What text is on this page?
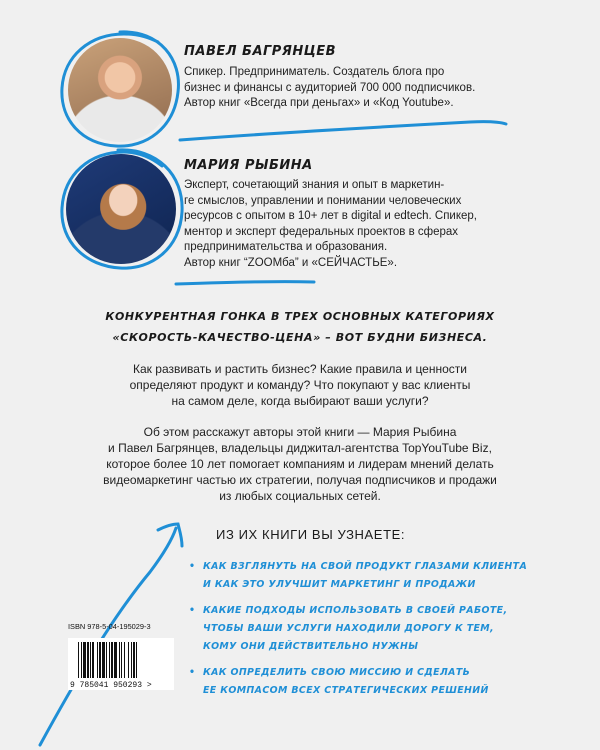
ПАВЕЛ БАГРЯНЦЕВ
Спикер. Предприниматель. Создатель блога про
бизнес и финансы с аудиторией 700 000 подписчиков.
Автор книг «Всегда при деньгах» и «Код Youtube».
МАРИЯ РЫБИНА
Эксперт, сочетающий знания и опыт в маркетин-
ге смыслов, управлении и понимании человеческих
ресурсов с опытом в 10+ лет в digital и edtech. Спикер,
ментор и эксперт федеральных проектов в сферах
предпринимательства и образования.
Автор книг “ZOOMба” и «СЕЙЧАСТЬЕ».
КОНКУРЕНТНАЯ ГОНКА В ТРЕХ ОСНОВНЫХ КАТЕГОРИЯХ
«СКОРОСТЬ-КАЧЕСТВО-ЦЕНА» – ВОТ БУДНИ БИЗНЕСА.
Как развивать и растить бизнес? Какие правила и ценности
определяют продукт и команду? Что покупают у вас клиенты
на самом деле, когда выбирают ваши услуги?
Об этом расскажут авторы этой книги — Мария Рыбина
и Павел Багрянцев, владельцы диджитал-агентства TopYouTube Biz,
которое более 10 лет помогает компаниям и лидерам мнений делать
видеомаркетинг частью их стратегии, получая подписчиков и продажи
из любых социальных сетей.
ИЗ ИХ КНИГИ ВЫ УЗНАЕТЕ:
• КАК ВЗГЛЯНУТЬ НА СВОЙ ПРОДУКТ ГЛАЗАМИ КЛИЕНТА
И КАК ЭТО УЛУЧШИТ МАРКЕТИНГ И ПРОДАЖИ
• КАКИЕ ПОДХОДЫ ИСПОЛЬЗОВАТЬ В СВОЕЙ РАБОТЕ,
ЧТОБЫ ВАШИ УСЛУГИ НАХОДИЛИ ДОРОГУ К ТЕМ,
КОМУ ОНИ ДЕЙСТВИТЕЛЬНО НУЖНЫ
• КАК ОПРЕДЕЛИТЬ СВОЮ МИССИЮ И СДЕЛАТЬ
ЕЕ КОМПАСОМ ВСЕХ СТРАТЕГИЧЕСКИХ РЕШЕНИЙ
ISBN 978-5-04-195029-3
9 785041 950293 >
